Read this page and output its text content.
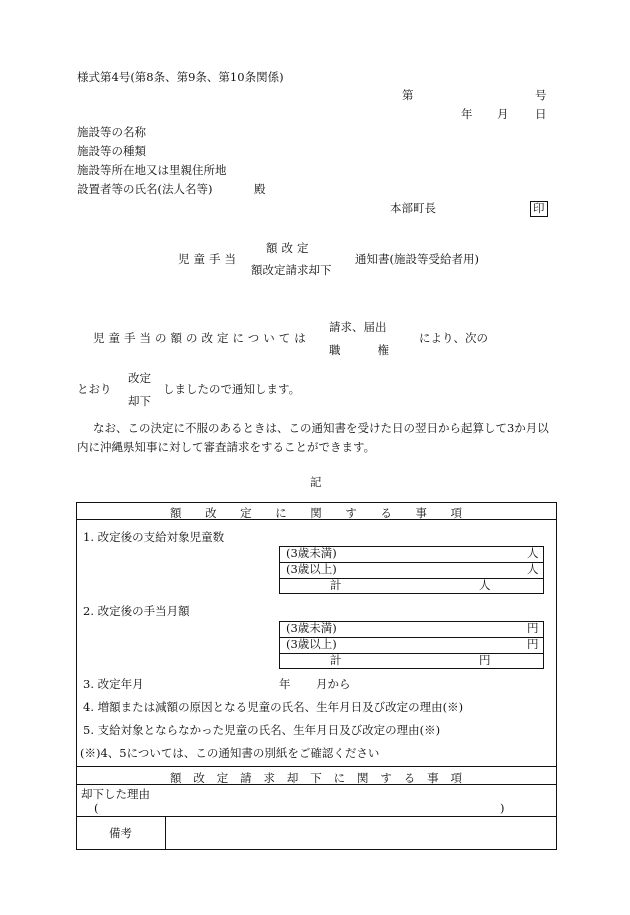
様式第4号(第8条、第9条、第10条関係)
第	号
年 月 日
施設等の名称
施設等の種類
施設等所在地又は里親住所地
設置者等の氏名(法人名等)	殿
本部町長	印
児童手当
額改定
額改定請求却下
通知書(施設等受給者用)
児童手当の額の改定については
請求、届出
職	権
により、次の
とおり
改定
却下
しましたので通知します。
なお、この決定に不服のあるときは、この通知書を受けた日の翌日から起算して3か月以
内に沖縄県知事に対して審査請求をすることができます。
記
額 改 定 に 関 す る 事 項
1. 改定後の支給対象児童数
(3歳未満)	人
(3歳以上)	人
計	人
2. 改定後の手当月額
(3歳未満)	円
(3歳以上)	円
計	円
3. 改定年月	年 月から
4. 増額または減額の原因となる児童の氏名、生年月日及び改定の理由(※)
5. 支給対象とならなかった児童の氏名、生年月日及び改定の理由(※)
(※)4、5については、この通知書の別紙をご確認ください
額 改 定 請 求 却 下 に 関 す る 事 項
却下した理由
(	)
備考
